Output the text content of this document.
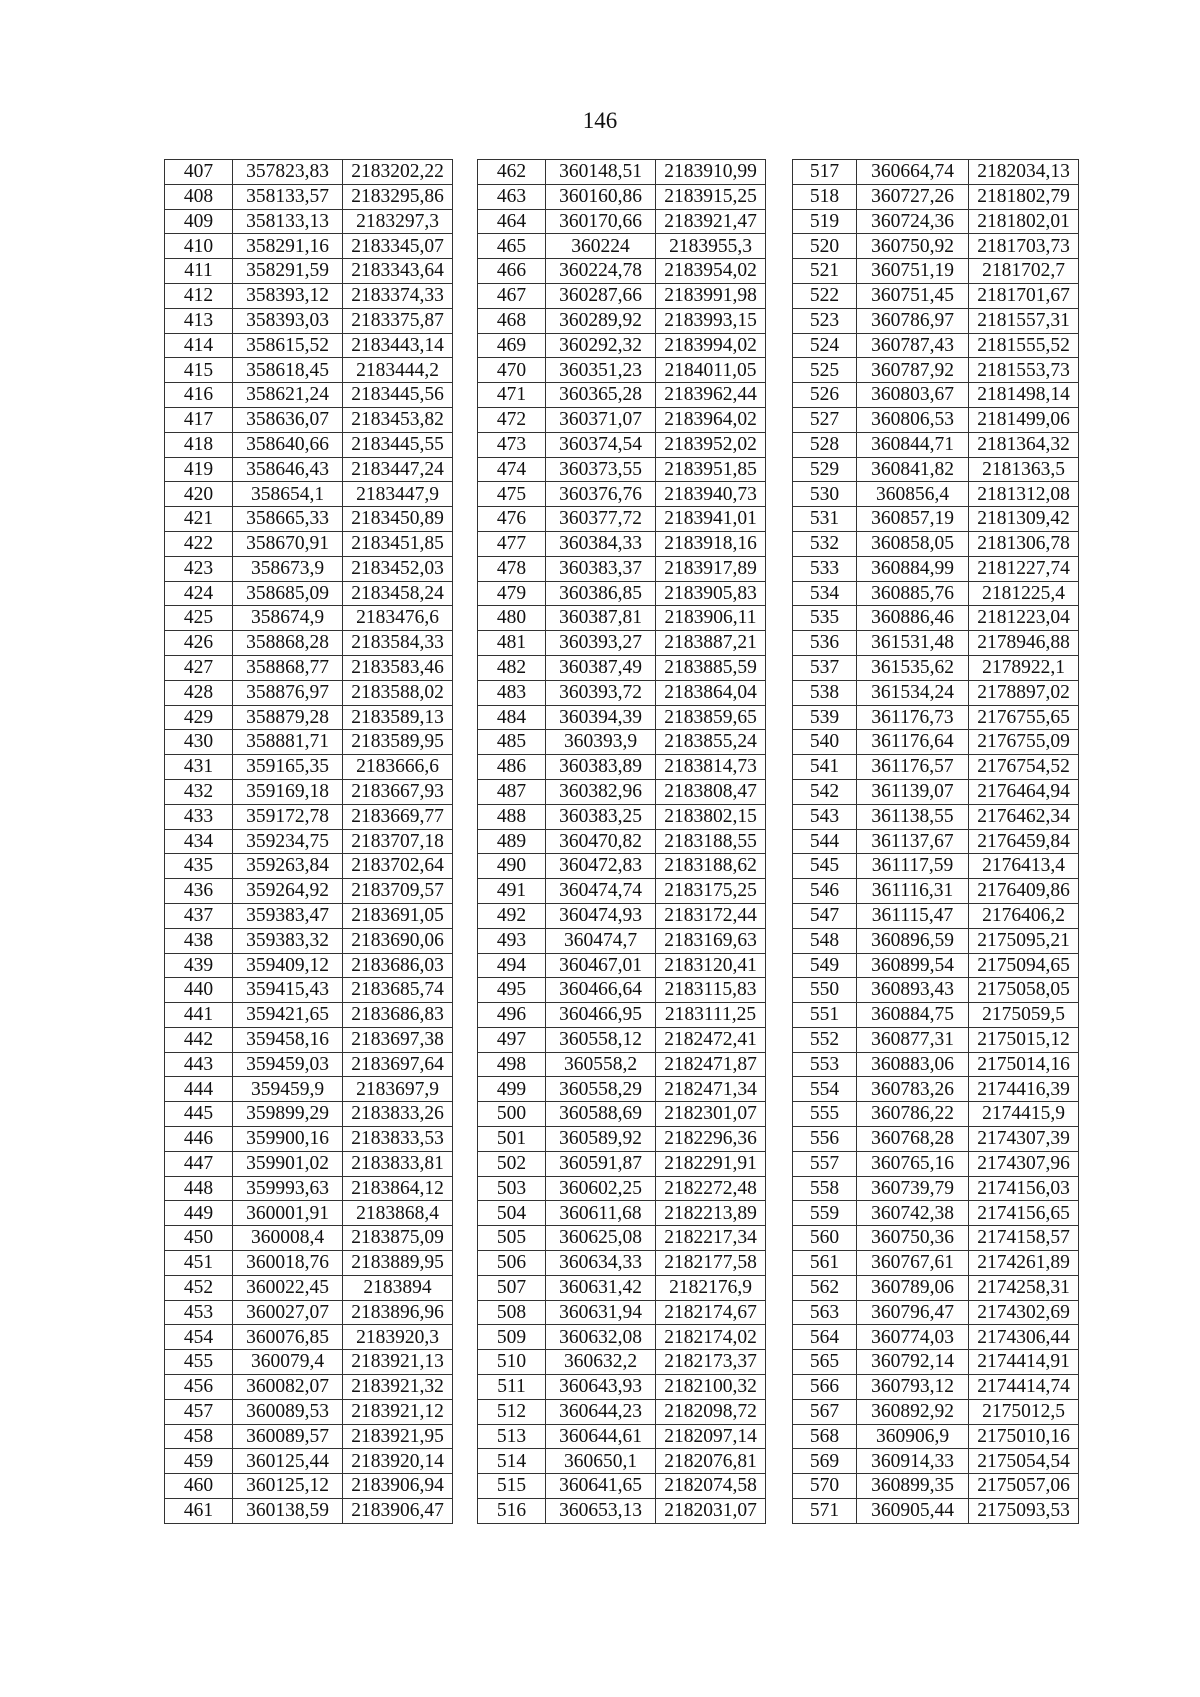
146
407	357823,83	2183202,22
408	358133,57	2183295,86
409	358133,13	2183297,3
410	358291,16	2183345,07
411	358291,59	2183343,64
412	358393,12	2183374,33
413	358393,03	2183375,87
414	358615,52	2183443,14
415	358618,45	2183444,2
416	358621,24	2183445,56
417	358636,07	2183453,82
418	358640,66	2183445,55
419	358646,43	2183447,24
420	358654,1	2183447,9
421	358665,33	2183450,89
422	358670,91	2183451,85
423	358673,9	2183452,03
424	358685,09	2183458,24
425	358674,9	2183476,6
426	358868,28	2183584,33
427	358868,77	2183583,46
428	358876,97	2183588,02
429	358879,28	2183589,13
430	358881,71	2183589,95
431	359165,35	2183666,6
432	359169,18	2183667,93
433	359172,78	2183669,77
434	359234,75	2183707,18
435	359263,84	2183702,64
436	359264,92	2183709,57
437	359383,47	2183691,05
438	359383,32	2183690,06
439	359409,12	2183686,03
440	359415,43	2183685,74
441	359421,65	2183686,83
442	359458,16	2183697,38
443	359459,03	2183697,64
444	359459,9	2183697,9
445	359899,29	2183833,26
446	359900,16	2183833,53
447	359901,02	2183833,81
448	359993,63	2183864,12
449	360001,91	2183868,4
450	360008,4	2183875,09
451	360018,76	2183889,95
452	360022,45	2183894
453	360027,07	2183896,96
454	360076,85	2183920,3
455	360079,4	2183921,13
456	360082,07	2183921,32
457	360089,53	2183921,12
458	360089,57	2183921,95
459	360125,44	2183920,14
460	360125,12	2183906,94
461	360138,59	2183906,47
462	360148,51	2183910,99
463	360160,86	2183915,25
464	360170,66	2183921,47
465	360224	2183955,3
466	360224,78	2183954,02
467	360287,66	2183991,98
468	360289,92	2183993,15
469	360292,32	2183994,02
470	360351,23	2184011,05
471	360365,28	2183962,44
472	360371,07	2183964,02
473	360374,54	2183952,02
474	360373,55	2183951,85
475	360376,76	2183940,73
476	360377,72	2183941,01
477	360384,33	2183918,16
478	360383,37	2183917,89
479	360386,85	2183905,83
480	360387,81	2183906,11
481	360393,27	2183887,21
482	360387,49	2183885,59
483	360393,72	2183864,04
484	360394,39	2183859,65
485	360393,9	2183855,24
486	360383,89	2183814,73
487	360382,96	2183808,47
488	360383,25	2183802,15
489	360470,82	2183188,55
490	360472,83	2183188,62
491	360474,74	2183175,25
492	360474,93	2183172,44
493	360474,7	2183169,63
494	360467,01	2183120,41
495	360466,64	2183115,83
496	360466,95	2183111,25
497	360558,12	2182472,41
498	360558,2	2182471,87
499	360558,29	2182471,34
500	360588,69	2182301,07
501	360589,92	2182296,36
502	360591,87	2182291,91
503	360602,25	2182272,48
504	360611,68	2182213,89
505	360625,08	2182217,34
506	360634,33	2182177,58
507	360631,42	2182176,9
508	360631,94	2182174,67
509	360632,08	2182174,02
510	360632,2	2182173,37
511	360643,93	2182100,32
512	360644,23	2182098,72
513	360644,61	2182097,14
514	360650,1	2182076,81
515	360641,65	2182074,58
516	360653,13	2182031,07
517	360664,74	2182034,13
518	360727,26	2181802,79
519	360724,36	2181802,01
520	360750,92	2181703,73
521	360751,19	2181702,7
522	360751,45	2181701,67
523	360786,97	2181557,31
524	360787,43	2181555,52
525	360787,92	2181553,73
526	360803,67	2181498,14
527	360806,53	2181499,06
528	360844,71	2181364,32
529	360841,82	2181363,5
530	360856,4	2181312,08
531	360857,19	2181309,42
532	360858,05	2181306,78
533	360884,99	2181227,74
534	360885,76	2181225,4
535	360886,46	2181223,04
536	361531,48	2178946,88
537	361535,62	2178922,1
538	361534,24	2178897,02
539	361176,73	2176755,65
540	361176,64	2176755,09
541	361176,57	2176754,52
542	361139,07	2176464,94
543	361138,55	2176462,34
544	361137,67	2176459,84
545	361117,59	2176413,4
546	361116,31	2176409,86
547	361115,47	2176406,2
548	360896,59	2175095,21
549	360899,54	2175094,65
550	360893,43	2175058,05
551	360884,75	2175059,5
552	360877,31	2175015,12
553	360883,06	2175014,16
554	360783,26	2174416,39
555	360786,22	2174415,9
556	360768,28	2174307,39
557	360765,16	2174307,96
558	360739,79	2174156,03
559	360742,38	2174156,65
560	360750,36	2174158,57
561	360767,61	2174261,89
562	360789,06	2174258,31
563	360796,47	2174302,69
564	360774,03	2174306,44
565	360792,14	2174414,91
566	360793,12	2174414,74
567	360892,92	2175012,5
568	360906,9	2175010,16
569	360914,33	2175054,54
570	360899,35	2175057,06
571	360905,44	2175093,53
